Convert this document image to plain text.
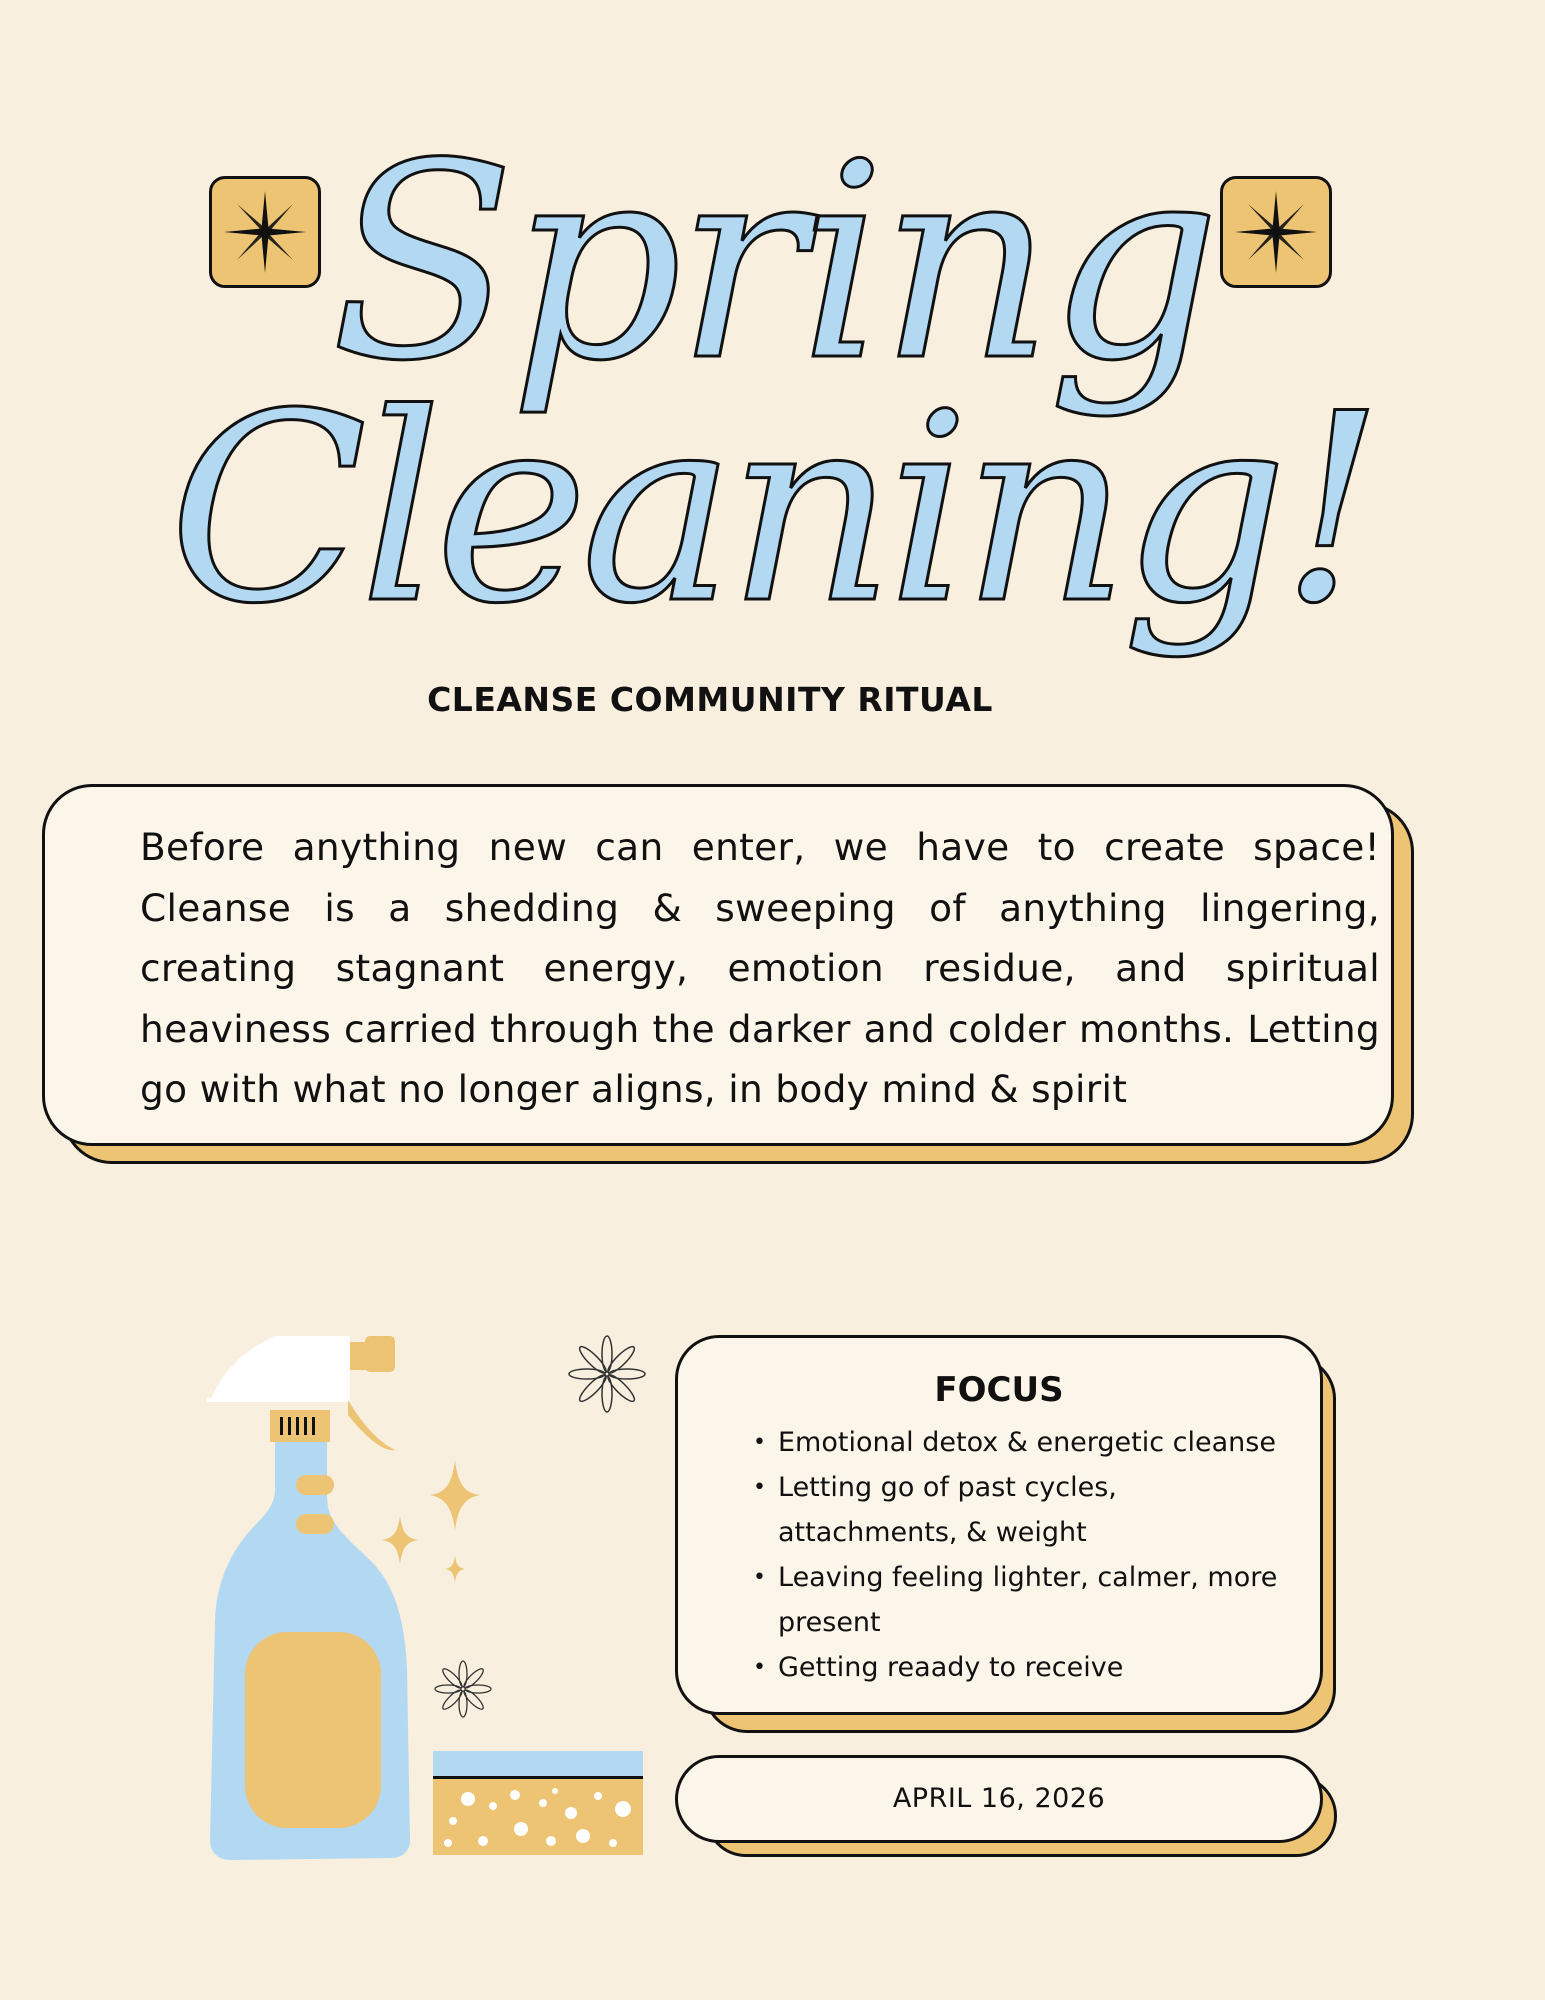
Spring
Cleaning!
CLEANSE COMMUNITY RITUAL
Before anything new can enter, we have to create space! Cleanse is a shedding & sweeping of anything lingering, creating stagnant energy, emotion residue, and spiritual heaviness carried through the darker and colder months. Letting go with what no longer aligns, in body mind & spirit
FOCUS
• Emotional detox & energetic cleanse
• Letting go of past cycles, attachments, & weight
• Leaving feeling lighter, calmer, more present
• Getting reaady to receive
APRIL 16, 2026
